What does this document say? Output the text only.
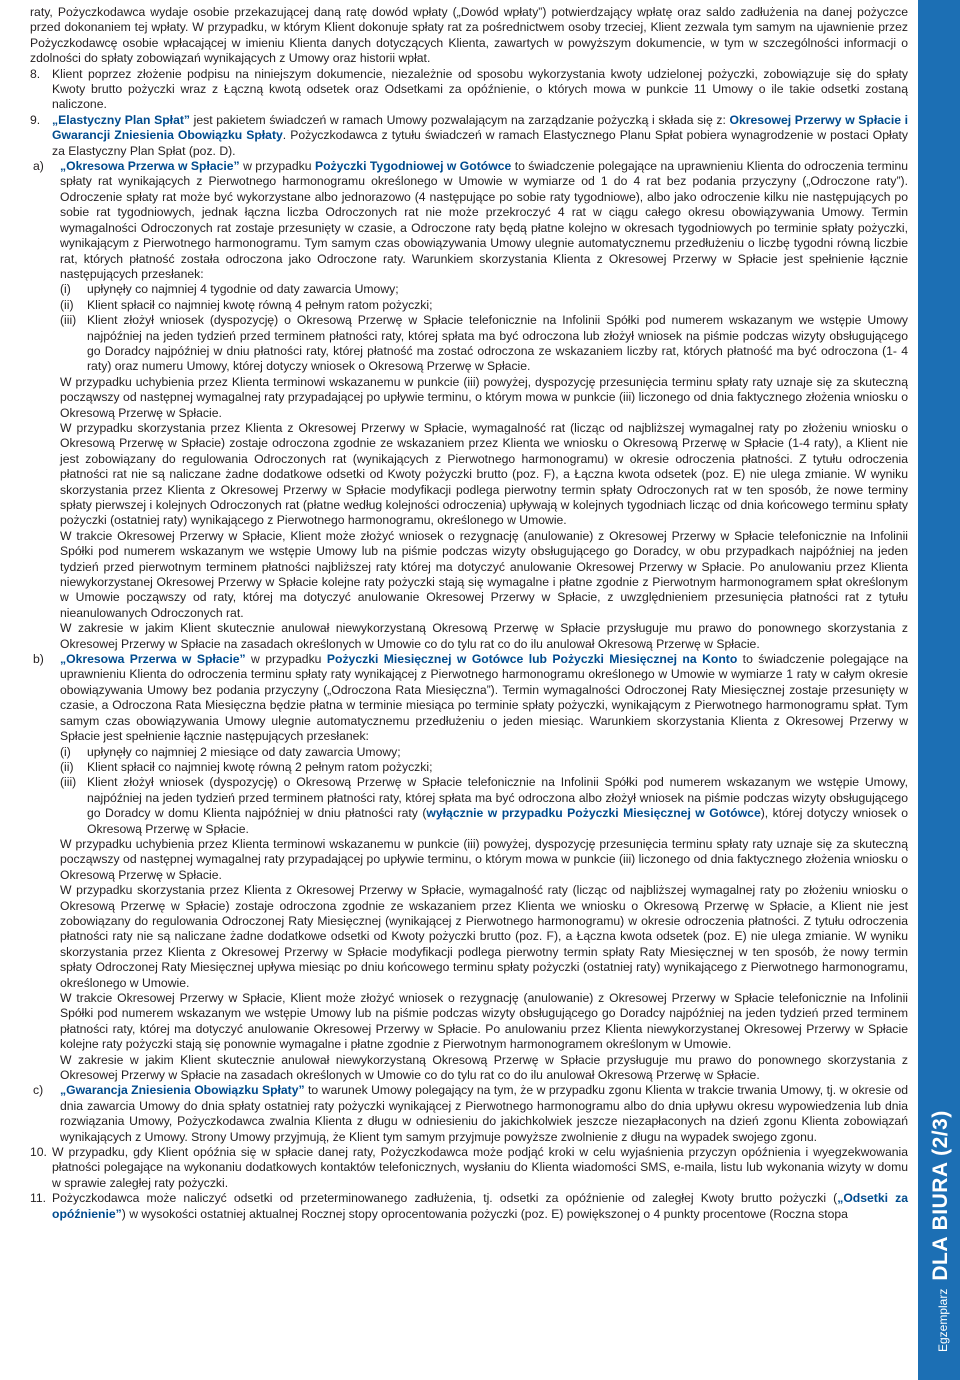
raty, Pożyczkodawca wydaje osobie przekazującej daną ratę dowód wpłaty („Dowód wpłaty”) potwierdzający wpłatę oraz saldo zadłużenia na danej pożyczce przed dokonaniem tej wpłaty. W przypadku, w którym Klient dokonuje spłaty rat za pośrednictwem osoby trzeciej, Klient zezwala tym samym na ujawnienie przez Pożyczkodawcę osobie wpłacającej w imieniu Klienta danych dotyczących Klienta, zawartych w powyższym dokumencie, w tym w szczególności informacji o zdolności do spłaty zobowiązań wynikających z Umowy oraz historii wpłat.

8. Klient poprzez złożenie podpisu na niniejszym dokumencie, niezależnie od sposobu wykorzystania kwoty udzielonej pożyczki, zobowiązuje się do spłaty Kwoty brutto pożyczki wraz z Łączną kwotą odsetek oraz Odsetkami za opóźnienie, o których mowa w punkcie 11 Umowy o ile takie odsetki zostaną naliczone.
9. „Elastyczny Plan Spłat” jest pakietem świadczeń w ramach Umowy pozwalającym na zarządzanie pożyczką i składa się z: Okresowej Przerwy w Spłacie i Gwarancji Zniesienia Obowiązku Spłaty. Pożyczkodawca z tytułu świadczeń w ramach Elastycznego Planu Spłat pobiera wynagrodzenie w postaci Opłaty za Elastyczny Plan Spłat (poz. D).
a)	„Okresowa Przerwa w Spłacie” w przypadku Pożyczki Tygodniowej w Gotówce to świadczenie polegające na uprawnieniu Klienta do odroczenia terminu spłaty rat wynikających z Pierwotnego harmonogramu określonego w Umowie w wymiarze od 1 do 4 rat bez podania przyczyny („Odroczone raty”). Odroczenie spłaty rat może być wykorzystane albo jednorazowo (4 następujące po sobie raty tygodniowe), albo jako odroczenie kilku nie następujących po sobie rat tygodniowych, jednak łączna liczba Odroczonych rat nie może przekroczyć 4 rat w ciągu całego okresu obowiązywania Umowy. Termin wymagalności Odroczonych rat zostaje przesunięty w czasie, a Odroczone raty będą płatne kolejno w okresach tygodniowych po terminie spłaty pożyczki, wynikającym z Pierwotnego harmonogramu. Tym samym czas obowiązywania Umowy ulegnie automatycznemu przedłużeniu o liczbę tygodni równą liczbie rat, których płatność została odroczona jako Odroczone raty. Warunkiem skorzystania Klienta z Okresowej Przerwy w Spłacie jest spełnienie łącznie następujących przesłanek:

(i)	upłynęły co najmniej 4 tygodnie od daty zawarcia Umowy;
(ii)	Klient spłacił co najmniej kwotę równą 4 pełnym ratom pożyczki;
(iii) Klient złożył wniosek (dyspozycję) o Okresową Przerwę w Spłacie telefonicznie na Infolinii Spółki pod numerem wskazanym we wstępie Umowy najpóźniej na jeden tydzień przed terminem płatności raty, której spłata ma być odroczona lub złożył wniosek na piśmie podczas wizyty obsługującego go Doradcy najpóźniej w dniu płatności raty, której płatność ma zostać odroczona ze wskazaniem liczby rat, których płatność ma być odroczona (1- 4 raty) oraz numeru Umowy, której dotyczy wniosek o Okresową Przerwę w Spłacie.

W przypadku uchybienia przez Klienta terminowi wskazanemu w punkcie (iii) powyżej, dyspozycję przesunięcia terminu spłaty raty uznaje się za skuteczną począwszy od następnej wymagalnej raty przypadającej po upływie terminu, o którym mowa w punkcie (iii) liczonego od dnia faktycznego złożenia wniosku o Okresową Przerwę w Spłacie.

W przypadku skorzystania przez Klienta z Okresowej Przerwy w Spłacie, wymagalność rat (licząc od najbliższej wymagalnej raty po złożeniu wniosku o Okresową Przerwę w Spłacie) zostaje odroczona zgodnie ze wskazaniem przez Klienta we wniosku o Okresową Przerwę w Spłacie (1-4 raty), a Klient nie jest zobowiązany do regulowania Odroczonych rat (wynikających z Pierwotnego harmonogramu) w okresie odroczenia płatności. Z tytułu odroczenia płatności rat nie są naliczane żadne dodatkowe odsetki od Kwoty pożyczki brutto (poz. F), a Łączna kwota odsetek (poz. E) nie ulega zmianie. W wyniku skorzystania przez Klienta z Okresowej Przerwy w Spłacie modyfikacji podlega pierwotny termin spłaty Odroczonych rat w ten sposób, że nowe terminy spłaty pierwszej i kolejnych Odroczonych rat (płatne według kolejności odroczenia) upływają w kolejnych tygodniach licząc od dnia końcowego terminu spłaty pożyczki (ostatniej raty) wynikającego z Pierwotnego harmonogramu, określonego w Umowie.

W trakcie Okresowej Przerwy w Spłacie, Klient może złożyć wniosek o rezygnację (anulowanie) z Okresowej Przerwy w Spłacie telefonicznie na Infolinii Spółki pod numerem wskazanym we wstępie Umowy lub na piśmie podczas wizyty obsługującego go Doradcy, w obu przypadkach najpóźniej na jeden tydzień przed pierwotnym terminem płatności najbliższej raty której ma dotyczyć anulowanie Okresowej Przerwy w Spłacie. Po anulowaniu przez Klienta niewykorzystanej Okresowej Przerwy w Spłacie kolejne raty pożyczki stają się wymagalne i płatne zgodnie z Pierwotnym harmonogramem spłat określonym w Umowie począwszy od raty, której ma dotyczyć anulowanie Okresowej Przerwy w Spłacie, z uwzględnieniem przesunięcia płatności rat z tytułu nieanulowanych Odroczonych rat.

W zakresie w jakim Klient skutecznie anulował niewykorzystaną Okresową Przerwę w Spłacie przysługuje mu prawo do ponownego skorzystania z Okresowej Przerwy w Spłacie na zasadach określonych w Umowie co do tylu rat co do ilu anulował Okresową Przerwę w Spłacie.

b)	„Okresowa Przerwa w Spłacie” w przypadku Pożyczki Miesięcznej w Gotówce lub Pożyczki Miesięcznej na Konto to świadczenie polegające na uprawnieniu Klienta do odroczenia terminu spłaty raty wynikającej z Pierwotnego harmonogramu określonego w Umowie w wymiarze 1 raty w całym okresie obowiązywania Umowy bez podania przyczyny („Odroczona Rata Miesięczna”). Termin wymagalności Odroczonej Raty Miesięcznej zostaje przesunięty w czasie, a Odroczona Rata Miesięczna będzie płatna w terminie miesiąca po terminie spłaty pożyczki, wynikającym z Pierwotnego harmonogramu spłat. Tym samym czas obowiązywania Umowy ulegnie automatycznemu przedłużeniu o jeden miesiąc. Warunkiem skorzystania Klienta z Okresowej Przerwy w Spłacie jest spełnienie łącznie następujących przesłanek:

(i)	upłynęły co najmniej 2 miesiące od daty zawarcia Umowy;
(ii)	Klient spłacił co najmniej kwotę równą 2 pełnym ratom pożyczki;
(iii) Klient złożył wniosek (dyspozycję) o Okresową Przerwę w Spłacie telefonicznie na Infolinii Spółki pod numerem wskazanym we wstępie Umowy, najpóźniej na jeden tydzień przed terminem płatności raty, której spłata ma być odroczona albo złożył wniosek na piśmie podczas wizyty obsługującego go Doradcy w domu Klienta najpóźniej w dniu płatności raty (wyłącznie w przypadku Pożyczki Miesięcznej w Gotówce), której dotyczy wniosek o Okresową Przerwę w Spłacie.

W przypadku uchybienia przez Klienta terminowi wskazanemu w punkcie (iii) powyżej, dyspozycję przesunięcia terminu spłaty raty uznaje się za skuteczną począwszy od następnej wymagalnej raty przypadającej po upływie terminu, o którym mowa w punkcie (iii) liczonego od dnia faktycznego złożenia wniosku o Okresową Przerwę w Spłacie.

W przypadku skorzystania przez Klienta z Okresowej Przerwy w Spłacie, wymagalność raty (licząc od najbliższej wymagalnej raty po złożeniu wniosku o Okresową Przerwę w Spłacie) zostaje odroczona zgodnie ze wskazaniem przez Klienta we wniosku o Okresową Przerwę w Spłacie, a Klient nie jest zobowiązany do regulowania Odroczonej Raty Miesięcznej (wynikającej z Pierwotnego harmonogramu) w okresie odroczenia płatności. Z tytułu odroczenia płatności raty nie są naliczane żadne dodatkowe odsetki od Kwoty pożyczki brutto (poz. F), a Łączna kwota odsetek (poz. E) nie ulega zmianie. W wyniku skorzystania przez Klienta z Okresowej Przerwy w Spłacie modyfikacji podlega pierwotny termin spłaty Raty Miesięcznej w ten sposób, że nowy termin spłaty Odroczonej Raty Miesięcznej upływa miesiąc po dniu końcowego terminu spłaty pożyczki (ostatniej raty) wynikającego z Pierwotnego harmonogramu, określonego w Umowie.

W trakcie Okresowej Przerwy w Spłacie, Klient może złożyć wniosek o rezygnację (anulowanie) z Okresowej Przerwy w Spłacie telefonicznie na Infolinii Spółki pod numerem wskazanym we wstępie Umowy lub na piśmie podczas wizyty obsługującego go Doradcy najpóźniej na jeden tydzień przed terminem płatności raty, której ma dotyczyć anulowanie Okresowej Przerwy w Spłacie. Po anulowaniu przez Klienta niewykorzystanej Okresowej Przerwy w Spłacie kolejne raty pożyczki stają się ponownie wymagalne i płatne zgodnie z Pierwotnym harmonogramem określonym w Umowie.

W zakresie w jakim Klient skutecznie anulował niewykorzystaną Okresową Przerwę w Spłacie przysługuje mu prawo do ponownego skorzystania z Okresowej Przerwy w Spłacie na zasadach określonych w Umowie co do tylu rat co do ilu anulował Okresową Przerwę w Spłacie.

c)	„Gwarancja Zniesienia Obowiązku Spłaty” to warunek Umowy polegający na tym, że w przypadku zgonu Klienta w trakcie trwania Umowy, tj. w okresie od dnia zawarcia Umowy do dnia spłaty ostatniej raty pożyczki wynikającej z Pierwotnego harmonogramu albo do dnia upływu okresu wypowiedzenia lub dnia rozwiązania Umowy, Pożyczkodawca zwalnia Klienta z długu w odniesieniu do jakichkolwiek jeszcze niezapłaconych na dzień zgonu Klienta zobowiązań wynikających z Umowy. Strony Umowy przyjmują, że Klient tym samym przyjmuje powyższe zwolnienie z długu na wypadek swojego zgonu.

10. W przypadku, gdy Klient opóźnia się w spłacie danej raty, Pożyczkodawca może podjąć kroki w celu wyjaśnienia przyczyn opóźnienia i wyegzekwowania płatności polegające na wykonaniu dodatkowych kontaktów telefonicznych, wysłaniu do Klienta wiadomości SMS, e-maila, listu lub wykonania wizyty w domu w sprawie zaległej raty pożyczki.
11. Pożyczkodawca może naliczyć odsetki od przeterminowanego zadłużenia, tj. odsetki za opóźnienie od zaległej Kwoty brutto pożyczki („Odsetki za opóźnienie”) w wysokości ostatniej aktualnej Rocznej stopy oprocentowania pożyczki (poz. E) powiększonej o 4 punkty procentowe (Roczna stopa
EgzemplarzDLA BIURA (2/3)
